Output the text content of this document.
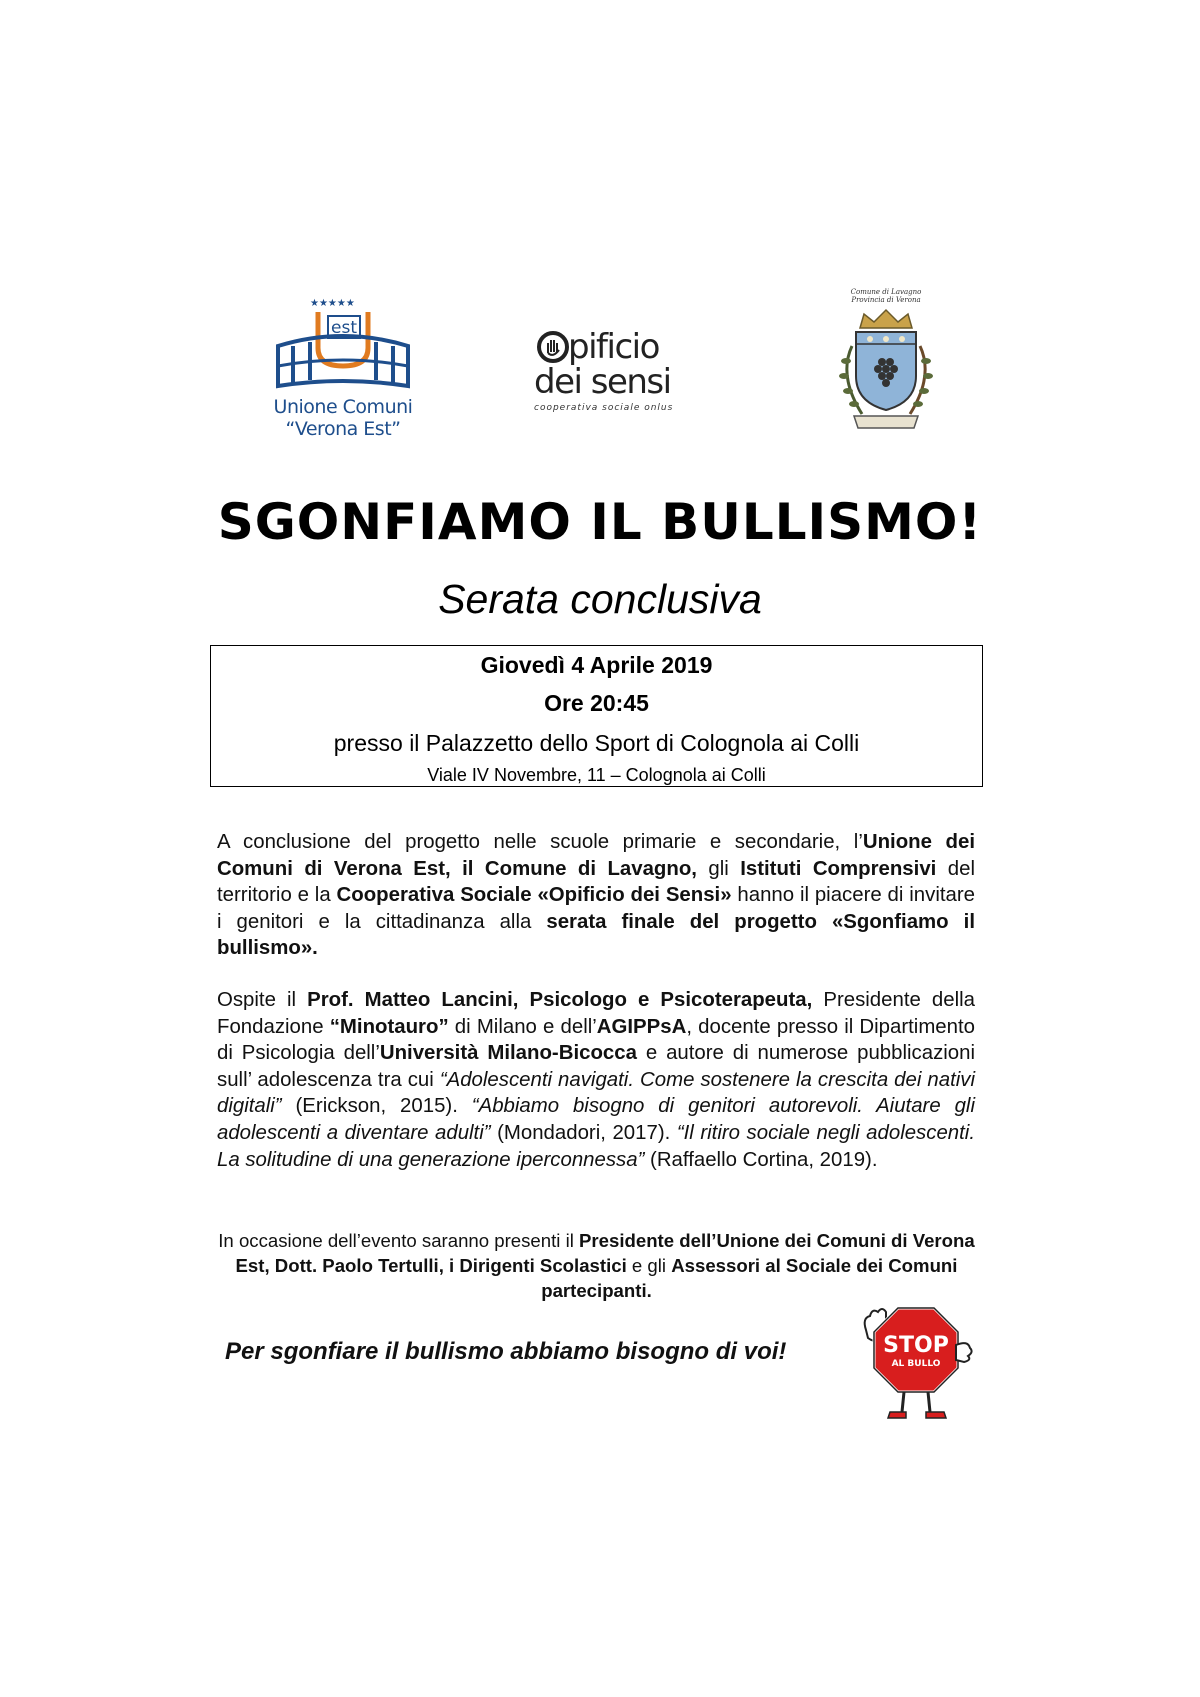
★★★★★
est
Unione Comuni
“Verona Est”
pificio
dei sensi
cooperativa sociale onlus
Comune di Lavagno
Provincia di Verona
SGONFIAMO IL BULLISMO!
Serata conclusiva
Giovedì 4 Aprile 2019
Ore 20:45
presso il Palazzetto dello Sport di Colognola ai Colli
Viale IV Novembre, 11 – Colognola ai Colli
A conclusione del progetto nelle scuole primarie e secondarie, l’Unione dei Comuni di Verona Est, il Comune di Lavagno, gli Istituti Comprensivi del territorio e la Cooperativa Sociale «Opificio dei Sensi» hanno il piacere di invitare i genitori e la cittadinanza alla serata finale del progetto «Sgonfiamo il bullismo».
Ospite il Prof. Matteo Lancini, Psicologo e Psicoterapeuta, Presidente della Fondazione “Minotauro” di Milano e dell’AGIPPsA, docente presso il Dipartimento di Psicologia dell’Università Milano-Bicocca e autore di numerose pubblicazioni sull’ adolescenza tra cui “Adolescenti navigati. Come sostenere la crescita dei nativi digitali” (Erickson, 2015). “Abbiamo bisogno di genitori autorevoli. Aiutare gli adolescenti a diventare adulti” (Mondadori, 2017). “Il ritiro sociale negli adolescenti. La solitudine di una generazione iperconnessa” (Raffaello Cortina, 2019).
In occasione dell’evento saranno presenti il Presidente dell’Unione dei Comuni di Verona Est, Dott. Paolo Tertulli, i Dirigenti Scolastici e gli Assessori al Sociale dei Comuni partecipanti.
Per sgonfiare il bullismo abbiamo bisogno di voi!	STOP
AL BULLO
